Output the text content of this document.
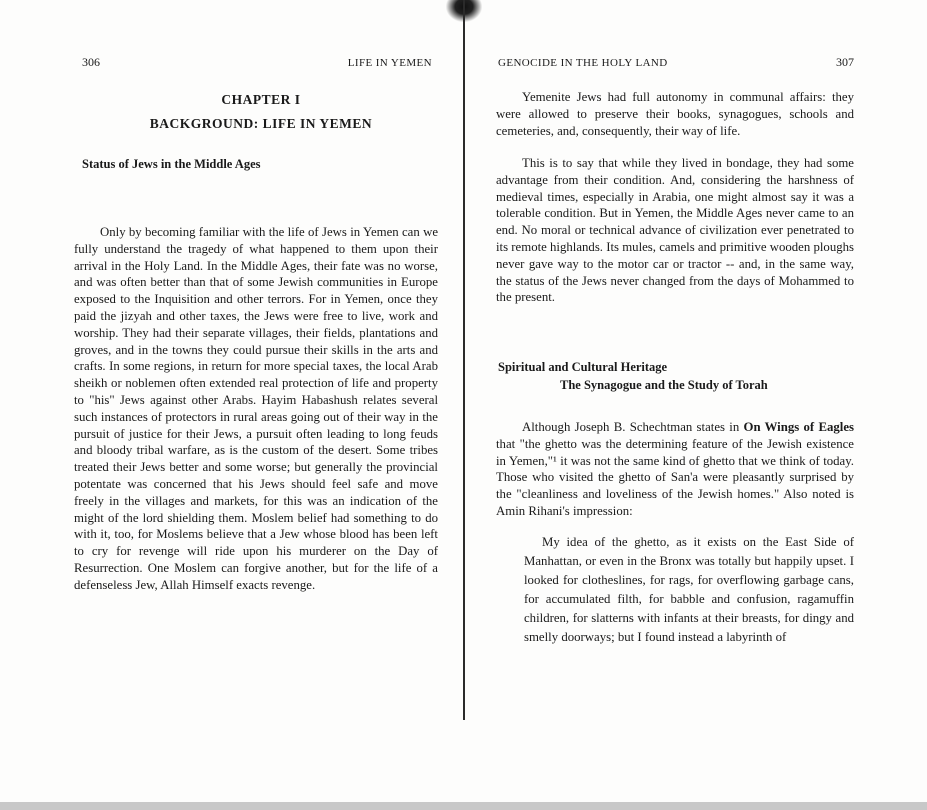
306	LIFE IN YEMEN
CHAPTER I
BACKGROUND: LIFE IN YEMEN
Status of Jews in the Middle Ages

Only by becoming familiar with the life of Jews in Yemen can we fully understand the tragedy of what happened to them upon their arrival in the Holy Land. In the Middle Ages, their fate was no worse, and was often better than that of some Jewish communities in Europe exposed to the Inquisition and other terrors. For in Yemen, once they paid the jizyah and other taxes, the Jews were free to live, work and worship. They had their separate villages, their fields, plantations and groves, and in the towns they could pursue their skills in the arts and crafts. In some regions, in return for more special taxes, the local Arab sheikh or noblemen often extended real protection of life and property to "his" Jews against other Arabs. Hayim Habashush relates several such instances of protectors in rural areas going out of their way in the pursuit of justice for their Jews, a pursuit often leading to long feuds and bloody tribal warfare, as is the custom of the desert. Some tribes treated their Jews better and some worse; but generally the provincial potentate was concerned that his Jews should feel safe and move freely in the villages and markets, for this was an indication of the might of the lord shielding them. Moslem belief had something to do with it, too, for Moslems believe that a Jew whose blood has been left to cry for revenge will ride upon his murderer on the Day of Resurrection. One Moslem can forgive another, but for the life of a defenseless Jew, Allah Himself exacts revenge.

GENOCIDE IN THE HOLY LAND	307

Yemenite Jews had full autonomy in communal affairs: they were allowed to preserve their books, synagogues, schools and cemeteries, and, consequently, their way of life.

This is to say that while they lived in bondage, they had some advantage from their condition. And, considering the harshness of medieval times, especially in Arabia, one might almost say it was a tolerable condition. But in Yemen, the Middle Ages never came to an end. No moral or technical advance of civilization ever penetrated to its remote highlands. Its mules, camels and primitive wooden ploughs never gave way to the motor car or tractor -- and, in the same way, the status of the Jews never changed from the days of Mohammed to the present.

Spiritual and Cultural Heritage
The Synagogue and the Study of Torah

Although Joseph B. Schechtman states in On Wings of Eagles that "the ghetto was the determining feature of the Jewish existence in Yemen,"¹ it was not the same kind of ghetto that we think of today. Those who visited the ghetto of San'a were pleasantly surprised by the "cleanliness and loveliness of the Jewish homes." Also noted is Amin Rihani's impression:

My idea of the ghetto, as it exists on the East Side of Manhattan, or even in the Bronx was totally but happily upset. I looked for clotheslines, for rags, for overflowing garbage cans, for accumulated filth, for babble and confusion, ragamuffin children, for slatterns with infants at their breasts, for dingy and smelly doorways; but I found instead a labyrinth of
